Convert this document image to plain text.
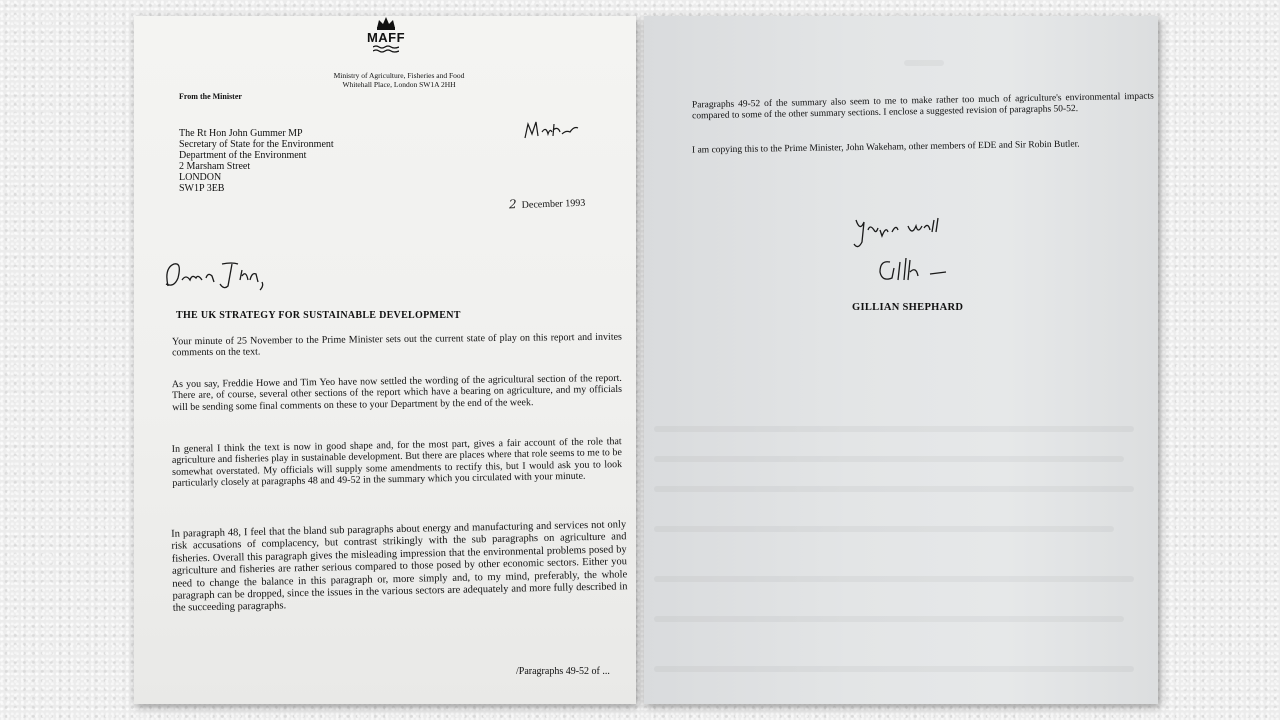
MAFF
Ministry of Agriculture, Fisheries and Food
Whitehall Place, London SW1A 2HH
From the Minister
The Rt Hon John Gummer MP
Secretary of State for the Environment
Department of the Environment
2 Marsham Street
LONDON
SW1P 3EB
2 December 1993
THE UK STRATEGY FOR SUSTAINABLE DEVELOPMENT
Your minute of 25 November to the Prime Minister sets out the current state of play on this report and invites comments on the text.
As you say, Freddie Howe and Tim Yeo have now settled the wording of the agricultural section of the report. There are, of course, several other sections of the report which have a bearing on agriculture, and my officials will be sending some final comments on these to your Department by the end of the week.
In general I think the text is now in good shape and, for the most part, gives a fair account of the role that agriculture and fisheries play in sustainable development. But there are places where that role seems to me to be somewhat overstated. My officials will supply some amendments to rectify this, but I would ask you to look particularly closely at paragraphs 48 and 49-52 in the summary which you circulated with your minute.
In paragraph 48, I feel that the bland sub paragraphs about energy and manufacturing and services not only risk accusations of complacency, but contrast strikingly with the sub paragraphs on agriculture and fisheries. Overall this paragraph gives the misleading impression that the environmental problems posed by agriculture and fisheries are rather serious compared to those posed by other economic sectors. Either you need to change the balance in this paragraph or, more simply and, to my mind, preferably, the whole paragraph can be dropped, since the issues in the various sectors are adequately and more fully described in the succeeding paragraphs.
/Paragraphs 49-52 of ...
Paragraphs 49-52 of the summary also seem to me to make rather too much of agriculture's environmental impacts compared to some of the other summary sections. I enclose a suggested revision of paragraphs 50-52.
I am copying this to the Prime Minister, John Wakeham, other members of EDE and Sir Robin Butler.
GILLIAN SHEPHARD
